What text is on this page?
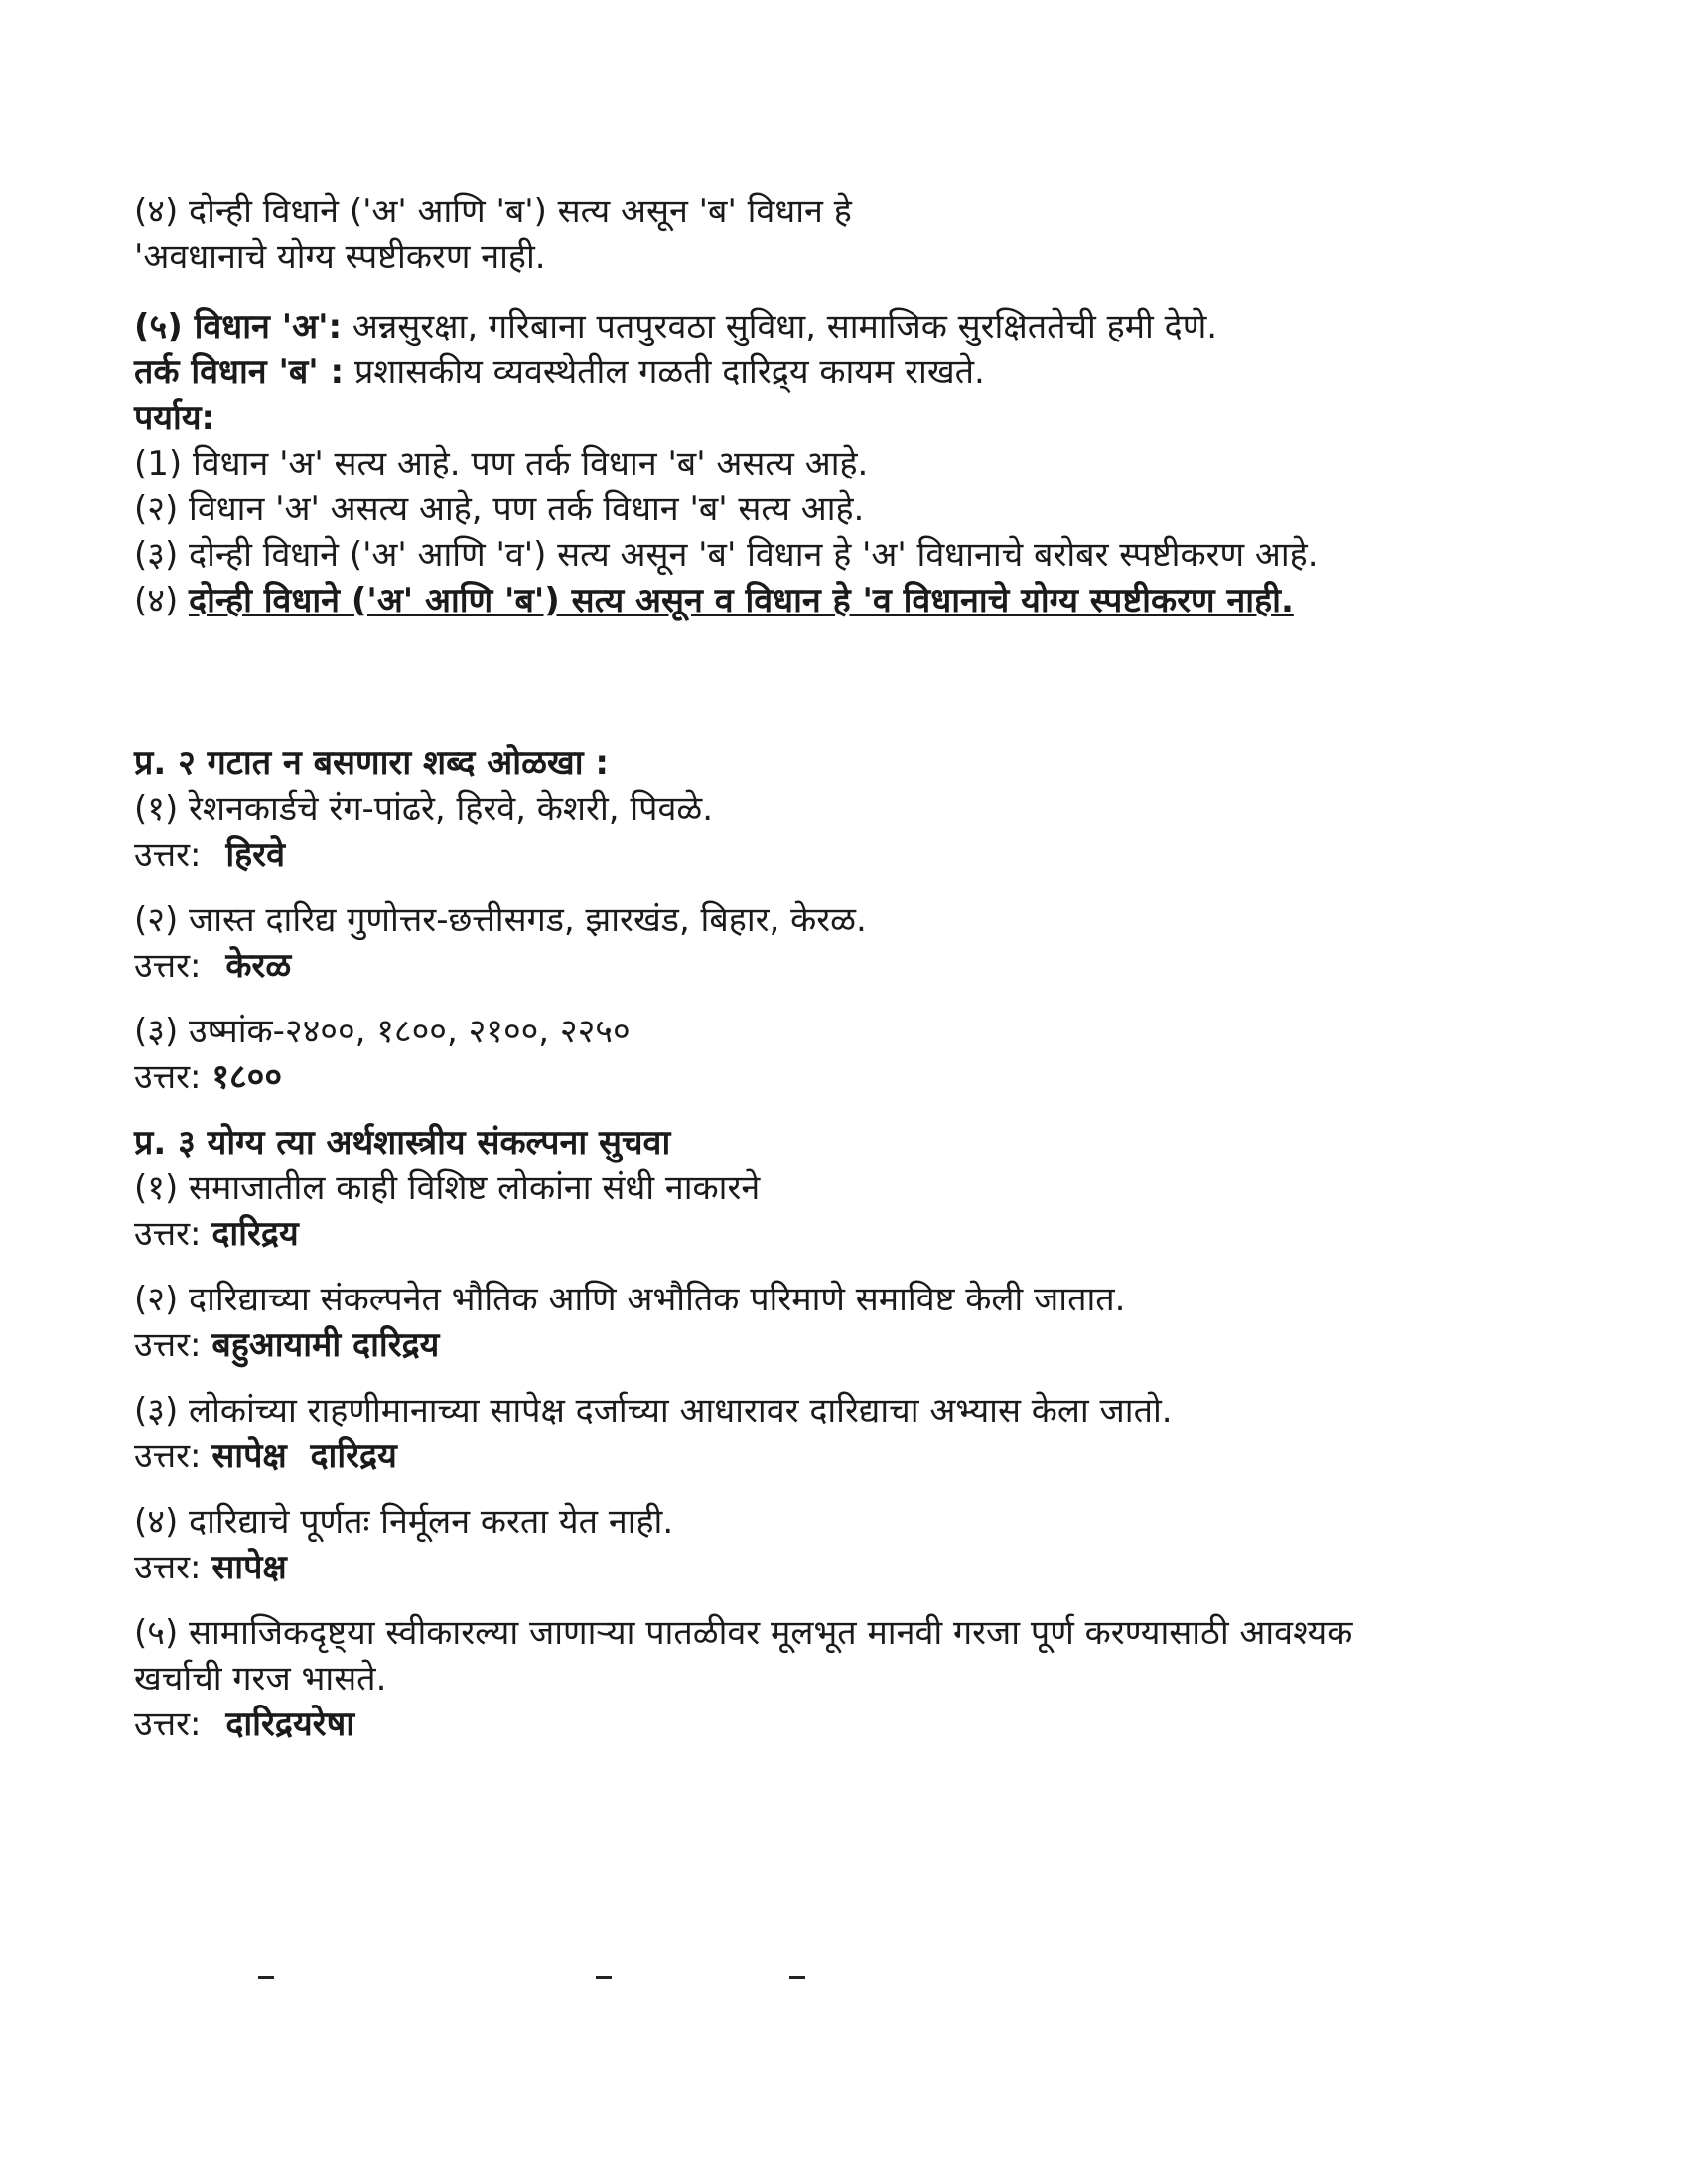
(४) दोन्ही विधाने ('अ' आणि 'ब') सत्य असून 'ब' विधान हे
'अवधानाचे योग्य स्पष्टीकरण नाही.
(५) विधान 'अ': अन्नसुरक्षा, गरिबाना पतपुरवठा सुविधा, सामाजिक सुरक्षिततेची हमी देणे.
तर्क विधान 'ब' : प्रशासकीय व्यवस्थेतील गळती दारिद्र्य कायम राखते.
पर्याय:
(1) विधान 'अ' सत्य आहे. पण तर्क विधान 'ब' असत्य आहे.
(२) विधान 'अ' असत्य आहे, पण तर्क विधान 'ब' सत्य आहे.
(३) दोन्ही विधाने ('अ' आणि 'व') सत्य असून 'ब' विधान हे 'अ' विधानाचे बरोबर स्पष्टीकरण आहे.
(४) दोन्ही विधाने ('अ' आणि 'ब') सत्य असून व विधान हे 'व विधानाचे योग्य स्पष्टीकरण नाही.
प्र. २ गटात न बसणारा शब्द ओळखा :
(१) रेशनकार्डचे रंग-पांढरे, हिरवे, केशरी, पिवळे.
उत्तर: हिरवे
(२) जास्त दारिद्य गुणोत्तर-छत्तीसगड, झारखंड, बिहार, केरळ.
उत्तर: केरळ
(३) उष्मांक-२४००, १८००, २१००, २२५०
उत्तर: १८००
प्र. ३ योग्य त्या अर्थशास्त्रीय संकल्पना सुचवा
(१) समाजातील काही विशिष्ट लोकांना संधी नाकारने
उत्तर: दारिद्रय
(२) दारिद्याच्या संकल्पनेत भौतिक आणि अभौतिक परिमाणे समाविष्ट केली जातात.
उत्तर: बहुआयामी दारिद्रय
(३) लोकांच्या राहणीमानाच्या सापेक्ष दर्जाच्या आधारावर दारिद्याचा अभ्यास केला जातो.
उत्तर: सापेक्ष  दारिद्रय
(४) दारिद्याचे पूर्णतः निर्मूलन करता येत नाही.
उत्तर: सापेक्ष
(५) सामाजिकदृष्ट्या स्वीकारल्या जाणाऱ्या पातळीवर मूलभूत मानवी गरजा पूर्ण करण्यासाठी आवश्यक
खर्चाची गरज भासते.
उत्तर: दारिद्रयरेषा
